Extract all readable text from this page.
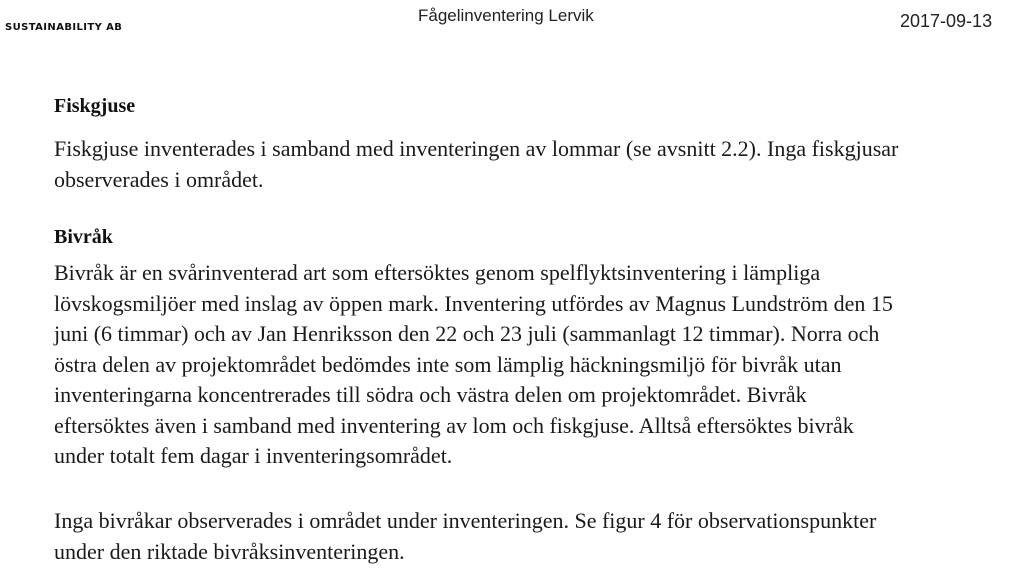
SUSTAINABILITY AB
Fågelinventering Lervik	2017-09-13
Fiskgjuse
Fiskgjuse inventerades i samband med inventeringen av lommar (se avsnitt 2.2). Inga fiskgjusar
observerades i området.
Bivråk
Bivråk är en svårinventerad art som eftersöktes genom spelflyktsinventering i lämpliga
lövskogsmiljöer med inslag av öppen mark. Inventering utfördes av Magnus Lundström den 15
juni (6 timmar) och av Jan Henriksson den 22 och 23 juli (sammanlagt 12 timmar). Norra och
östra delen av projektområdet bedömdes inte som lämplig häckningsmiljö för bivråk utan
inventeringarna koncentrerades till södra och västra delen om projektområdet. Bivråk
eftersöktes även i samband med inventering av lom och fiskgjuse. Alltså eftersöktes bivråk
under totalt fem dagar i inventeringsområdet.
Inga bivråkar observerades i området under inventeringen. Se figur 4 för observationspunkter
under den riktade bivråksinventeringen.
